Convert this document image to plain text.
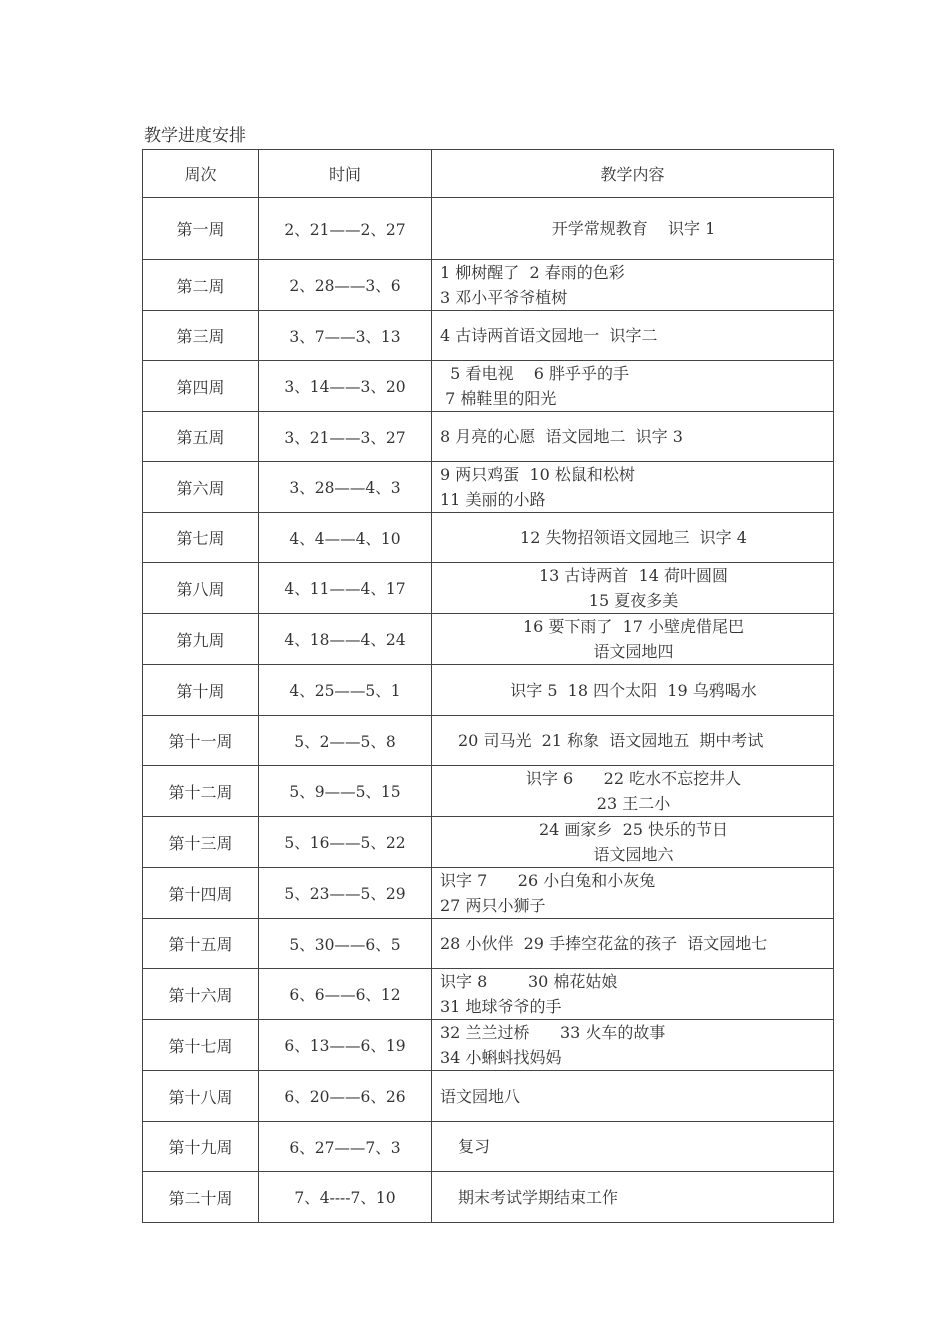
教学进度安排
周次	时间	教学内容
第一周	2、21——2、27	开学常规教育    识字 1

第二周	2、28——3、6	1 柳树醒了  2 春雨的色彩
3 邓小平爷爷植树

第三周	3、7——3、13	4 古诗两首语文园地一  识字二

第四周	3、14——3、20	5 看电视    6 胖乎乎的手
7 棉鞋里的阳光

第五周	3、21——3、27	8 月亮的心愿  语文园地二  识字 3

第六周	3、28——4、3	9 两只鸡蛋  10 松鼠和松树
11 美丽的小路

第七周	4、4——4、10	12 失物招领语文园地三  识字 4

第八周	4、11——4、17	13 古诗两首  14 荷叶圆圆
15 夏夜多美

第九周	4、18——4、24	16 要下雨了  17 小壁虎借尾巴
语文园地四

第十周	4、25——5、1	识字 5  18 四个太阳  19 乌鸦喝水

第十一周	5、2——5、8	20 司马光  21 称象  语文园地五  期中考试

第十二周	5、9——5、15	识字 6      22 吃水不忘挖井人
23 王二小

第十三周	5、16——5、22	24 画家乡  25 快乐的节日
语文园地六

第十四周	5、23——5、29	识字 7      26 小白兔和小灰兔
27 两只小狮子

第十五周	5、30——6、5	28 小伙伴  29 手捧空花盆的孩子  语文园地七

第十六周	6、6——6、12	识字 8        30 棉花姑娘
31 地球爷爷的手

第十七周	6、13——6、19	32 兰兰过桥      33 火车的故事
34 小蝌蚪找妈妈

第十八周	6、20——6、26	语文园地八

第十九周	6、27——7、3	复习

第二十周	7、4----7、10	期末考试学期结束工作
